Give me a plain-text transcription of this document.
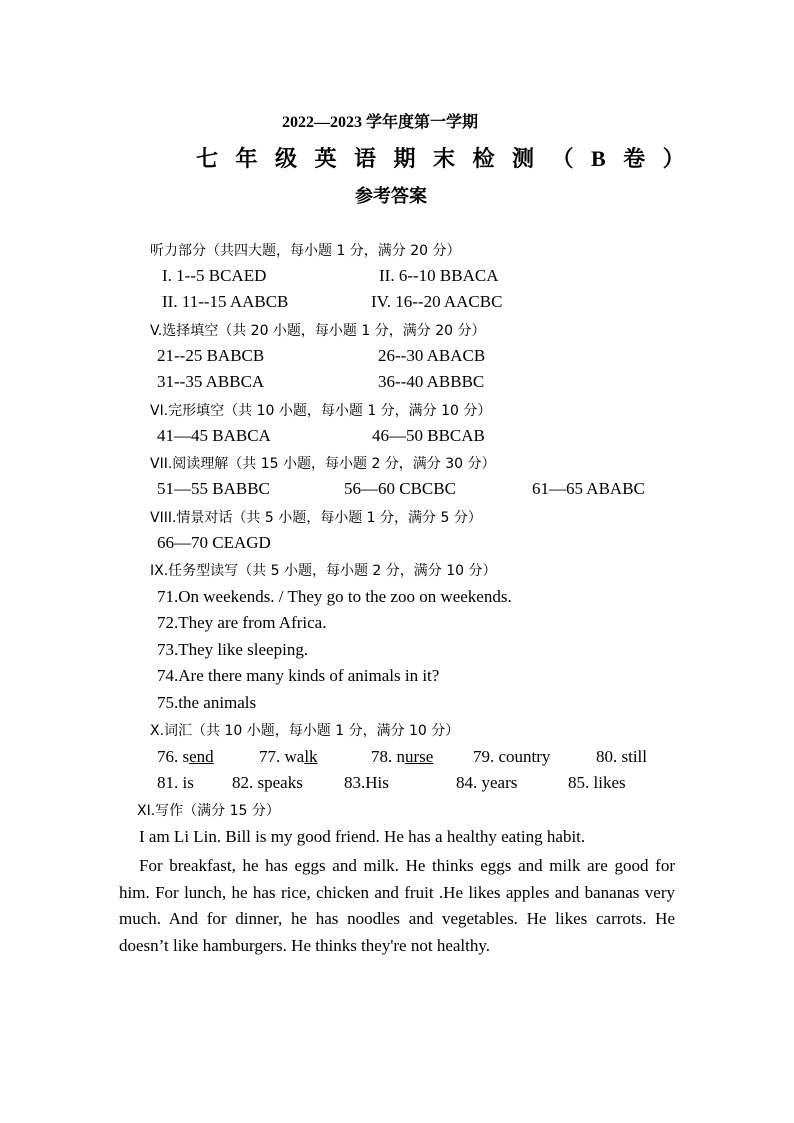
2022—2023 学年度第一学期
七 年 级 英 语 期 末 检 测 （ B 卷 ）
参考答案
听力部分（共四大题，每小题 1 分，满分 20 分）
I. 1--5 BCAED	II. 6--10 BBACA
II. 11--15 AABCB	IV. 16--20 AACBC
V.选择填空（共 20 小题，每小题 1 分，满分 20 分）
21--25 BABCB	26--30 ABACB
31--35 ABBCA	36--40 ABBBC
VI.完形填空（共 10 小题，每小题 1 分，满分 10 分）
41—45 BABCA	46—50 BBCAB
VII.阅读理解（共 15 小题，每小题 2 分，满分 30 分）
51—55 BABBC	56—60 CBCBC	61—65 ABABC
VIII.情景对话（共 5 小题，每小题 1 分，满分 5 分）
66—70 CEAGD
IX.任务型读写（共 5 小题，每小题 2 分，满分 10 分）
71.On weekends. / They go to the zoo on weekends.
72.They are from Africa.
73.They like sleeping.
74.Are there many kinds of animals in it?
75.the animals
X.词汇（共 10 小题，每小题 1 分，满分 10 分）
76. send	77. walk	78. nurse 79. country	80. still
81. is 82. speaks 83.His	84. years	85. likes
XI.写作（满分 15 分）
I am Li Lin. Bill is my good friend. He has a healthy eating habit.
For breakfast, he has eggs and milk. He thinks eggs and milk are good for him. For lunch, he has rice, chicken and fruit .He likes apples and bananas very much. And for dinner, he has noodles and vegetables. He likes carrots. He doesn’t like hamburgers. He thinks they're not healthy.
